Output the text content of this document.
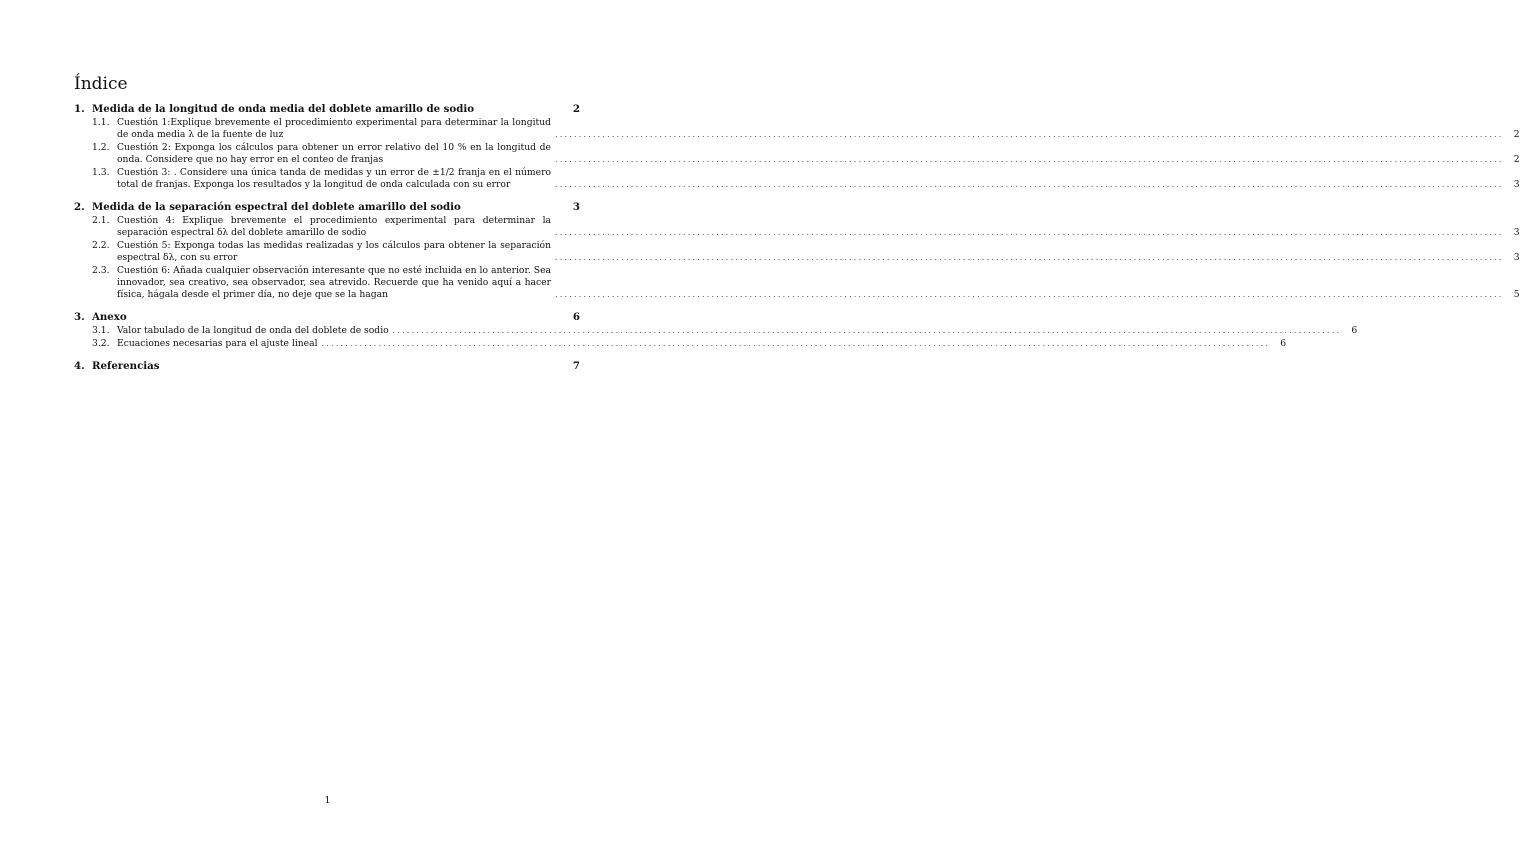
Índice
1. Medida de la longitud de onda media del doblete amarillo de sodio	2
1.1. Cuestión 1:Explique brevemente el procedimiento experimental para determinar la longitud de onda media λ de la fuente de luz	........................................................................................................................................................................................................	2
1.2. Cuestión 2: Exponga los cálculos para obtener un error relativo del 10 % en la longitud de onda. Considere que no hay error en el conteo de franjas	........................................................................................................................................................................................................	2
1.3. Cuestión 3: . Considere una única tanda de medidas y un error de ±1/2 franja en el número total de franjas. Exponga los resultados y la longitud de onda calculada con su error	........................................................................................................................................................................................................	3
2. Medida de la separación espectral del doblete amarillo del sodio	3
2.1. Cuestión 4: Explique brevemente el procedimiento experimental para determinar la separación espectral δλ del doblete amarillo de sodio	........................................................................................................................................................................................................	3
2.2. Cuestión 5: Exponga todas las medidas realizadas y los cálculos para obtener la separación espectral δλ, con su error	........................................................................................................................................................................................................	3
2.3. Cuestión 6: Añada cualquier observación interesante que no esté incluida en lo anterior. Sea innovador, sea creativo, sea observador, sea atrevido. Recuerde que ha venido aquí a hacer física, hágala desde el primer día, no deje que se la hagan	........................................................................................................................................................................................................	5
3. Anexo	6
3.1. Valor tabulado de la longitud de onda del doblete de sodio ........................................................................................................................................................................................................	6
3.2. Ecuaciones necesarias para el ajuste lineal ........................................................................................................................................................................................................	6
4. Referencias	7
1
